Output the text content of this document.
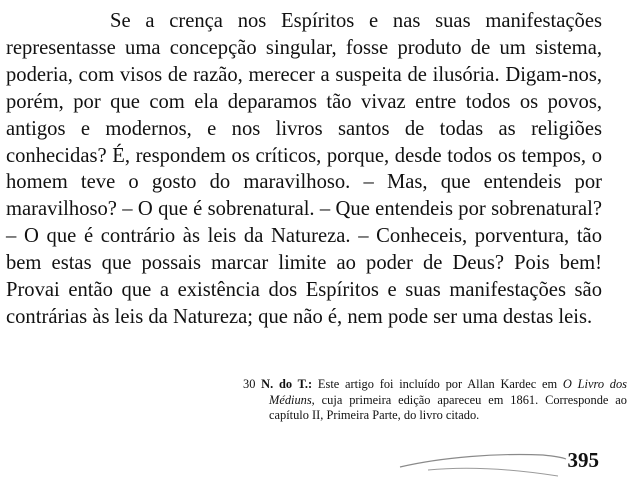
Se a crença nos Espíritos e nas suas manifestações representasse uma concepção singular, fosse produto de um sistema, poderia, com visos de razão, merecer a suspeita de ilusória. Digam-nos, porém, por que com ela deparamos tão vivaz entre todos os povos, antigos e modernos, e nos livros santos de todas as religiões conhecidas? É, respondem os críticos, porque, desde todos os tempos, o homem teve o gosto do maravilhoso. – Mas, que entendeis por maravilhoso? – O que é sobrenatural. – Que entendeis por sobrenatural? – O que é contrário às leis da Natureza. – Conheceis, porventura, tão bem estas que possais marcar limite ao poder de Deus? Pois bem! Provai então que a existência dos Espíritos e suas manifestações são contrárias às leis da Natureza; que não é, nem pode ser uma destas leis.

30 N. do T.: Este artigo foi incluído por Allan Kardec em O Livro dos Médiuns, cuja primeira edição apareceu em 1861. Corresponde ao capítulo II, Primeira Parte, do livro citado.

395
